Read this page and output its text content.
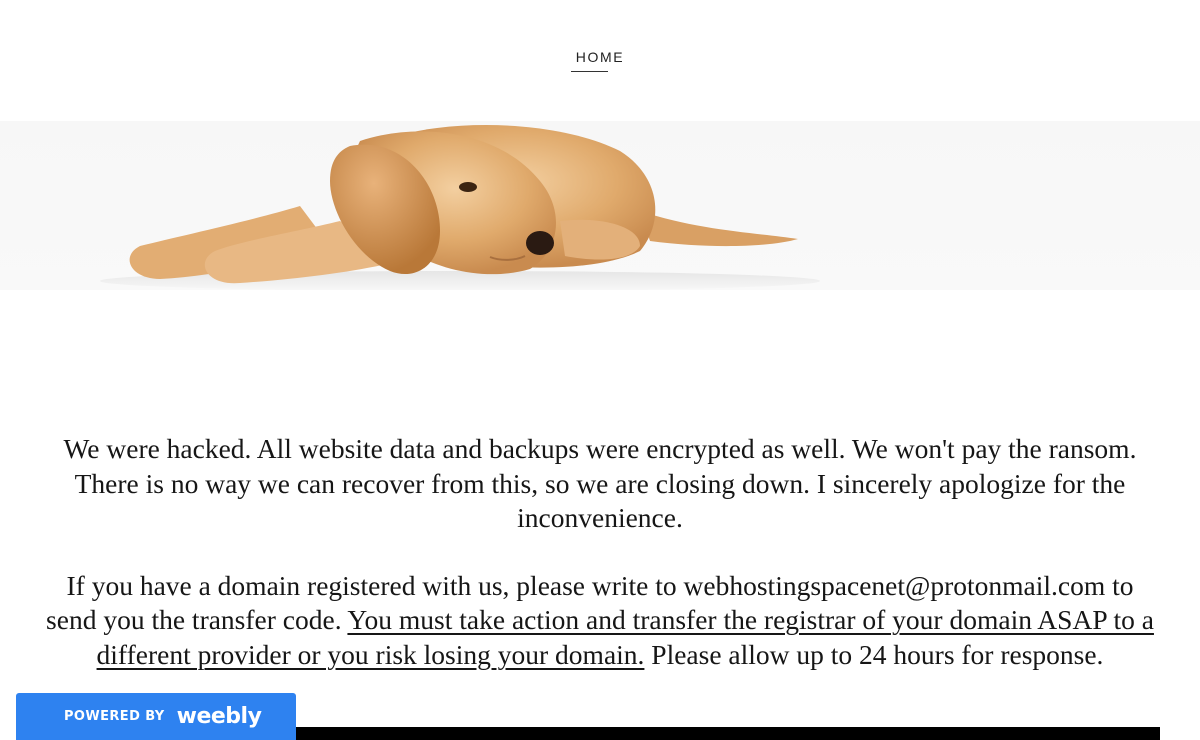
HOME

We were hacked. All website data and backups were encrypted as well. We won't pay the ransom. There is no way we can recover from this, so we are closing down. I sincerely apologize for the inconvenience.

If you have a domain registered with us, please write to webhostingspacenet@protonmail.com to send you the transfer code. You must take action and transfer the registrar of your domain ASAP to a different provider or you risk losing your domain. Please allow up to 24 hours for response.

POWERED BY weebly
